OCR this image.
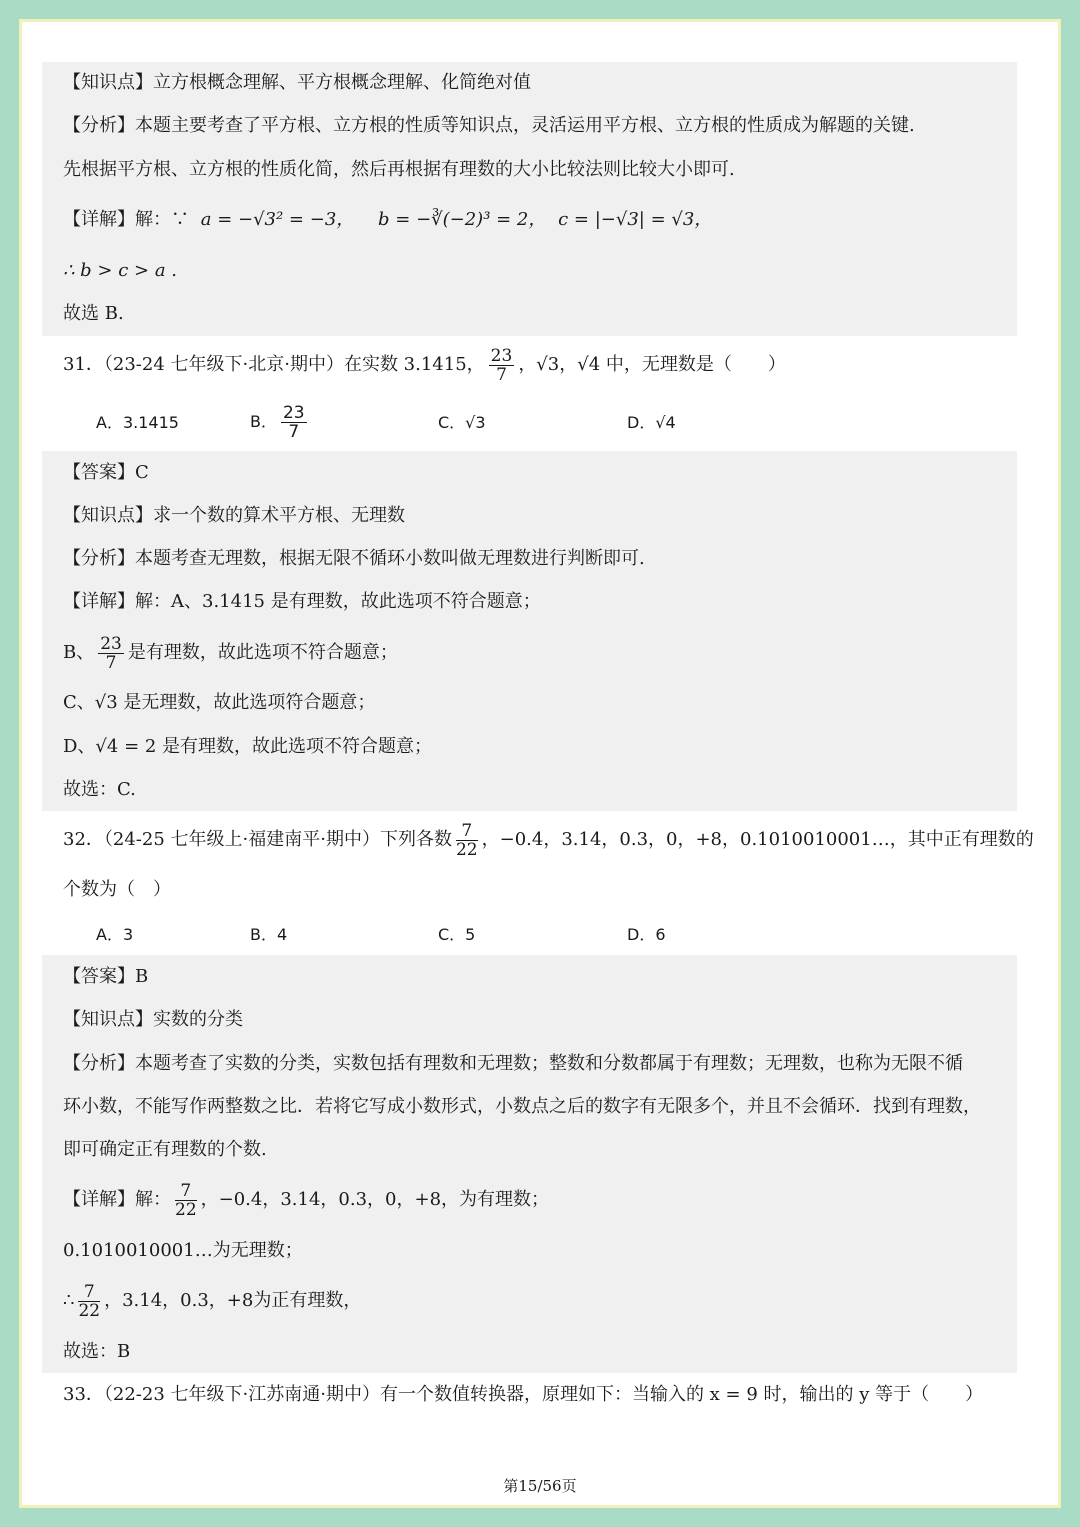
【知识点】立方根概念理解、平方根概念理解、化简绝对值
【分析】本题主要考查了平方根、立方根的性质等知识点，灵活运用平方根、立方根的性质成为解题的关键.
先根据平方根、立方根的性质化简，然后再根据有理数的大小比较法则比较大小即可.
【详解】解：∵ a = −√3² = −3， b = −∛(−2)³ = 2， c = |−√3| = √3，
∴ b > c > a .
故选 B.
31．（23-24 七年级下·北京·期中）在实数 3.1415， $\frac{23}{7}$ ，√3，√4 中，无理数是（　　）
A．3.1415	B． $\frac{23}{7}$	C．√3	D．√4
【答案】C
【知识点】求一个数的算术平方根、无理数
【分析】本题考查无理数，根据无限不循环小数叫做无理数进行判断即可.
【详解】解：A、3.1415 是有理数，故此选项不符合题意；
B、 $\frac{23}{7}$ 是有理数，故此选项不符合题意；
C、√3 是无理数，故此选项符合题意；
D、√4 = 2 是有理数，故此选项不符合题意；
故选：C.
32．（24-25 七年级上·福建南平·期中）下列各数 $\frac{7}{22}$ ，−0.4，3.14，0.3，0，+8，0.1010010001…，其中正有理数的
个数为（　）
A．3	B．4	C．5	D．6
【答案】B
【知识点】实数的分类
【分析】本题考查了实数的分类，实数包括有理数和无理数；整数和分数都属于有理数；无理数，也称为无限不循
环小数，不能写作两整数之比．若将它写成小数形式，小数点之后的数字有无限多个，并且不会循环．找到有理数，
即可确定正有理数的个数.
【详解】解： $\frac{7}{22}$ ，−0.4，3.14，0.3，0，+8，为有理数；
0.1010010001…为无理数；
∴ $\frac{7}{22}$ ，3.14，0.3，+8为正有理数，
故选：B
33．（22-23 七年级下·江苏南通·期中）有一个数值转换器，原理如下：当输入的 x = 9 时，输出的 y 等于（　　）
第15/56页
